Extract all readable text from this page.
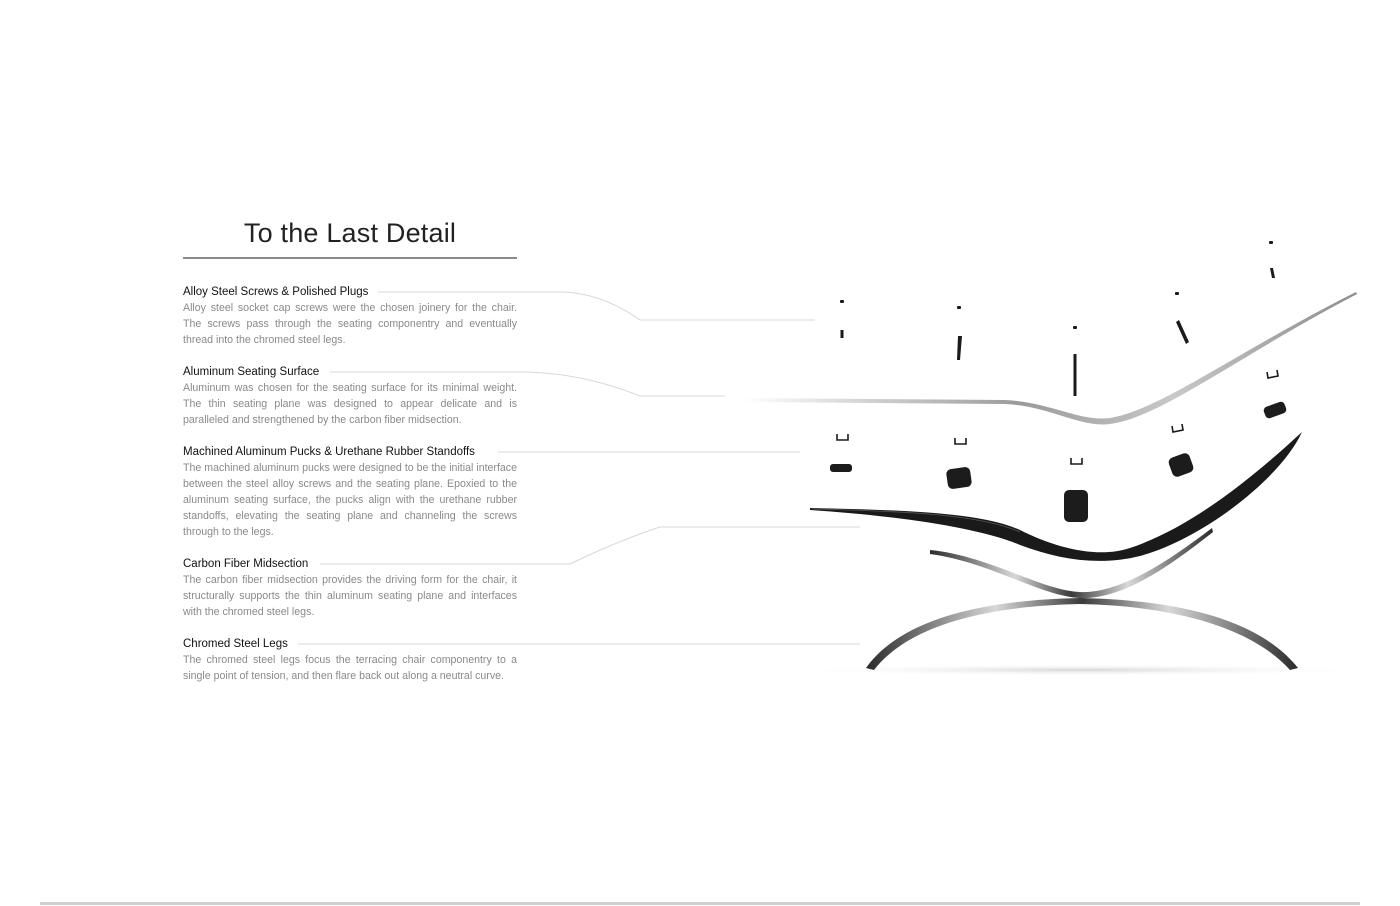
To the Last Detail
Alloy Steel Screws & Polished Plugs

Alloy steel socket cap screws were the chosen joinery for the chair. The screws pass through the seating componentry and eventually thread into the chromed steel legs.

Aluminum Seating Surface

Aluminum was chosen for the seating surface for its minimal weight. The thin seating plane was designed to appear delicate and is paralleled and strengthened by the carbon fiber midsection.

Machined Aluminum Pucks & Urethane Rubber Standoffs

The machined aluminum pucks were designed to be the initial interface between the steel alloy screws and the seating plane. Epoxied to the aluminum seating surface, the pucks align with the urethane rubber standoffs, elevating the seating plane and channeling the screws through to the legs.

Carbon Fiber Midsection

The carbon fiber midsection provides the driving form for the chair, it structurally supports the thin aluminum seating plane and interfaces with the chromed steel legs.

Chromed Steel Legs

The chromed steel legs focus the terracing chair componentry to a single point of tension, and then flare back out along a neutral curve.
